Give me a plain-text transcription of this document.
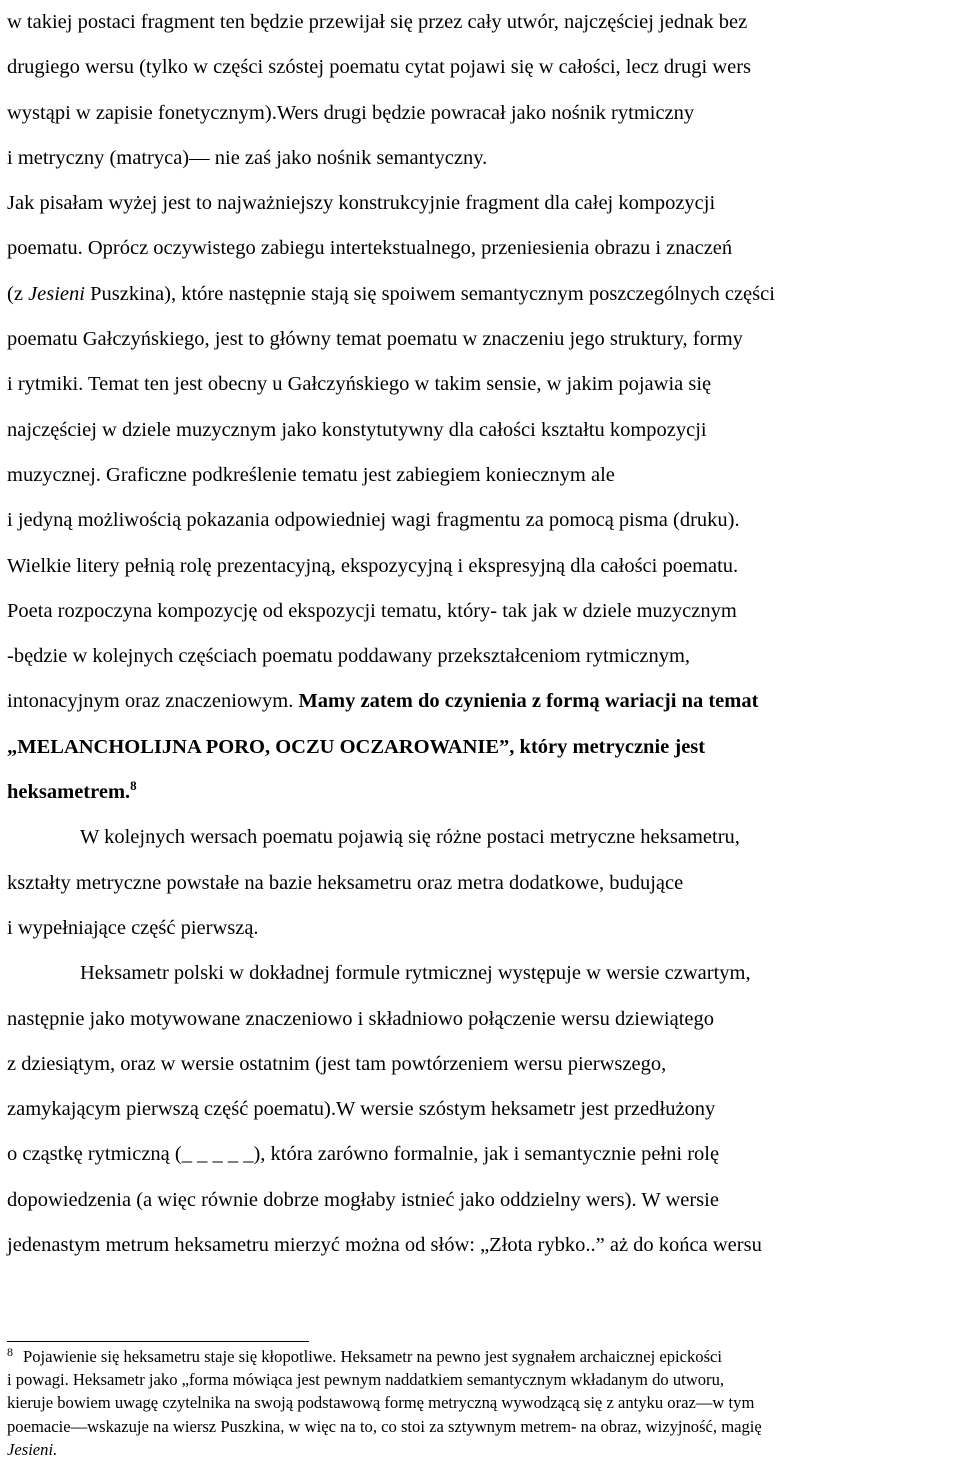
w takiej postaci fragment ten będzie przewijał się przez cały utwór, najczęściej jednak bez
drugiego wersu (tylko w części szóstej poematu cytat pojawi się w całości, lecz drugi wers
wystąpi w zapisie fonetycznym).Wers drugi będzie powracał jako nośnik rytmiczny
i metryczny (matryca)— nie zaś jako nośnik semantyczny.
Jak pisałam wyżej jest to najważniejszy konstrukcyjnie fragment dla całej kompozycji
poematu. Oprócz oczywistego zabiegu intertekstualnego, przeniesienia obrazu i znaczeń
(z Jesieni Puszkina), które następnie stają się spoiwem semantycznym poszczególnych części
poematu Gałczyńskiego, jest to główny temat poematu w znaczeniu jego struktury, formy
i rytmiki. Temat ten jest obecny u Gałczyńskiego w takim sensie, w jakim pojawia się
najczęściej w dziele muzycznym jako konstytutywny dla całości kształtu kompozycji
muzycznej. Graficzne podkreślenie tematu jest zabiegiem koniecznym ale
i jedyną możliwością pokazania odpowiedniej wagi fragmentu za pomocą pisma (druku).
Wielkie litery pełnią rolę prezentacyjną, ekspozycyjną i ekspresyjną dla całości poematu.
Poeta rozpoczyna kompozycję od ekspozycji tematu, który- tak jak w dziele muzycznym
-będzie w kolejnych częściach poematu poddawany przekształceniom rytmicznym,
intonacyjnym oraz znaczeniowym. Mamy zatem do czynienia z formą wariacji na temat
„MELANCHOLIJNA PORO, OCZU OCZAROWANIE”, który metrycznie jest
heksametrem.$^8$
W kolejnych wersach poematu pojawią się różne postaci metryczne heksametru,
kształty metryczne powstałe na bazie heksametru oraz metra dodatkowe, budujące
i wypełniające część pierwszą.
Heksametr polski w dokładnej formule rytmicznej występuje w wersie czwartym,
następnie jako motywowane znaczeniowo i składniowo połączenie wersu dziewiątego
z dziesiątym, oraz w wersie ostatnim (jest tam powtórzeniem wersu pierwszego,
zamykającym pierwszą część poematu).W wersie szóstym heksametr jest przedłużony
o cząstkę rytmiczną (_ _ _ _ _), która zarówno formalnie, jak i semantycznie pełni rolę
dopowiedzenia (a więc równie dobrze mogłaby istnieć jako oddzielny wers). W wersie
jedenastym metrum heksametru mierzyć można od słów: „Złota rybko..” aż do końca wersu
$^8$ Pojawienie się heksametru staje się kłopotliwe. Heksametr na pewno jest sygnałem archaicznej epickości
i powagi. Heksametr jako „forma mówiąca jest pewnym naddatkiem semantycznym wkładanym do utworu,
kieruje bowiem uwagę czytelnika na swoją podstawową formę metryczną wywodzącą się z antyku oraz—w tym
poemacie—wskazuje na wiersz Puszkina, w więc na to, co stoi za sztywnym metrem- na obraz, wizyjność, magię
Jesieni.
